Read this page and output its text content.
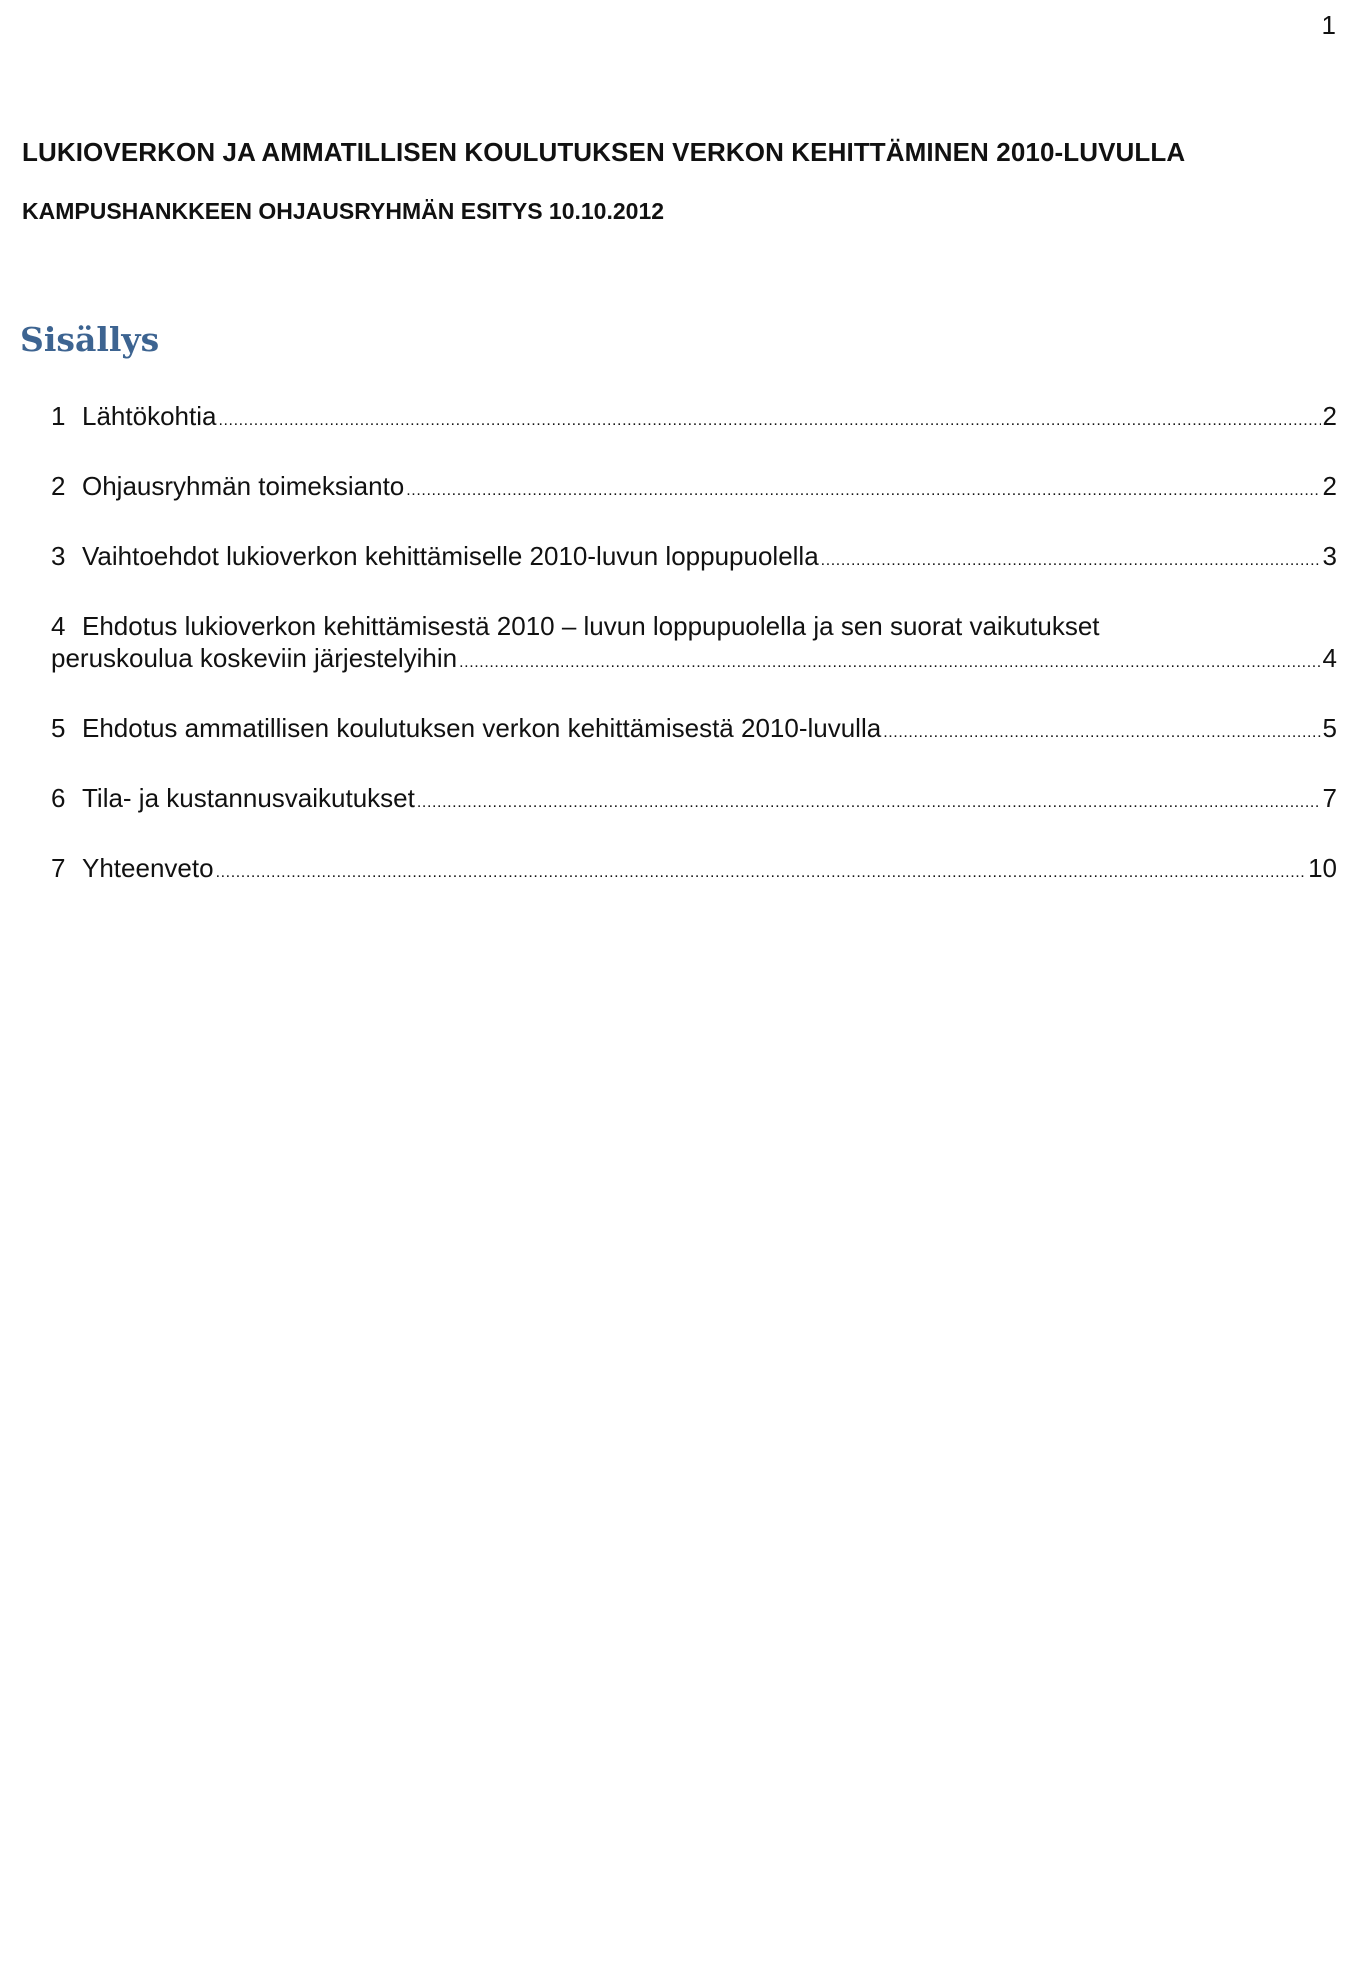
1
LUKIOVERKON JA AMMATILLISEN KOULUTUKSEN VERKON KEHITTÄMINEN 2010-LUVULLA
KAMPUSHANKKEEN OHJAUSRYHMÄN ESITYS 10.10.2012
Sisällys
1 Lähtökohtia .....	2
2 Ohjausryhmän toimeksianto .....	2
3 Vaihtoehdot lukioverkon kehittämiselle 2010-luvun loppupuolella .....	3
4 Ehdotus lukioverkon kehittämisestä 2010 – luvun loppupuolella ja sen suorat vaikutukset
peruskoulua koskeviin järjestelyihin .....	4
5 Ehdotus ammatillisen koulutuksen verkon kehittämisestä 2010-luvulla .....	5
6 Tila- ja kustannusvaikutukset .....	7
7 Yhteenveto .....	10
